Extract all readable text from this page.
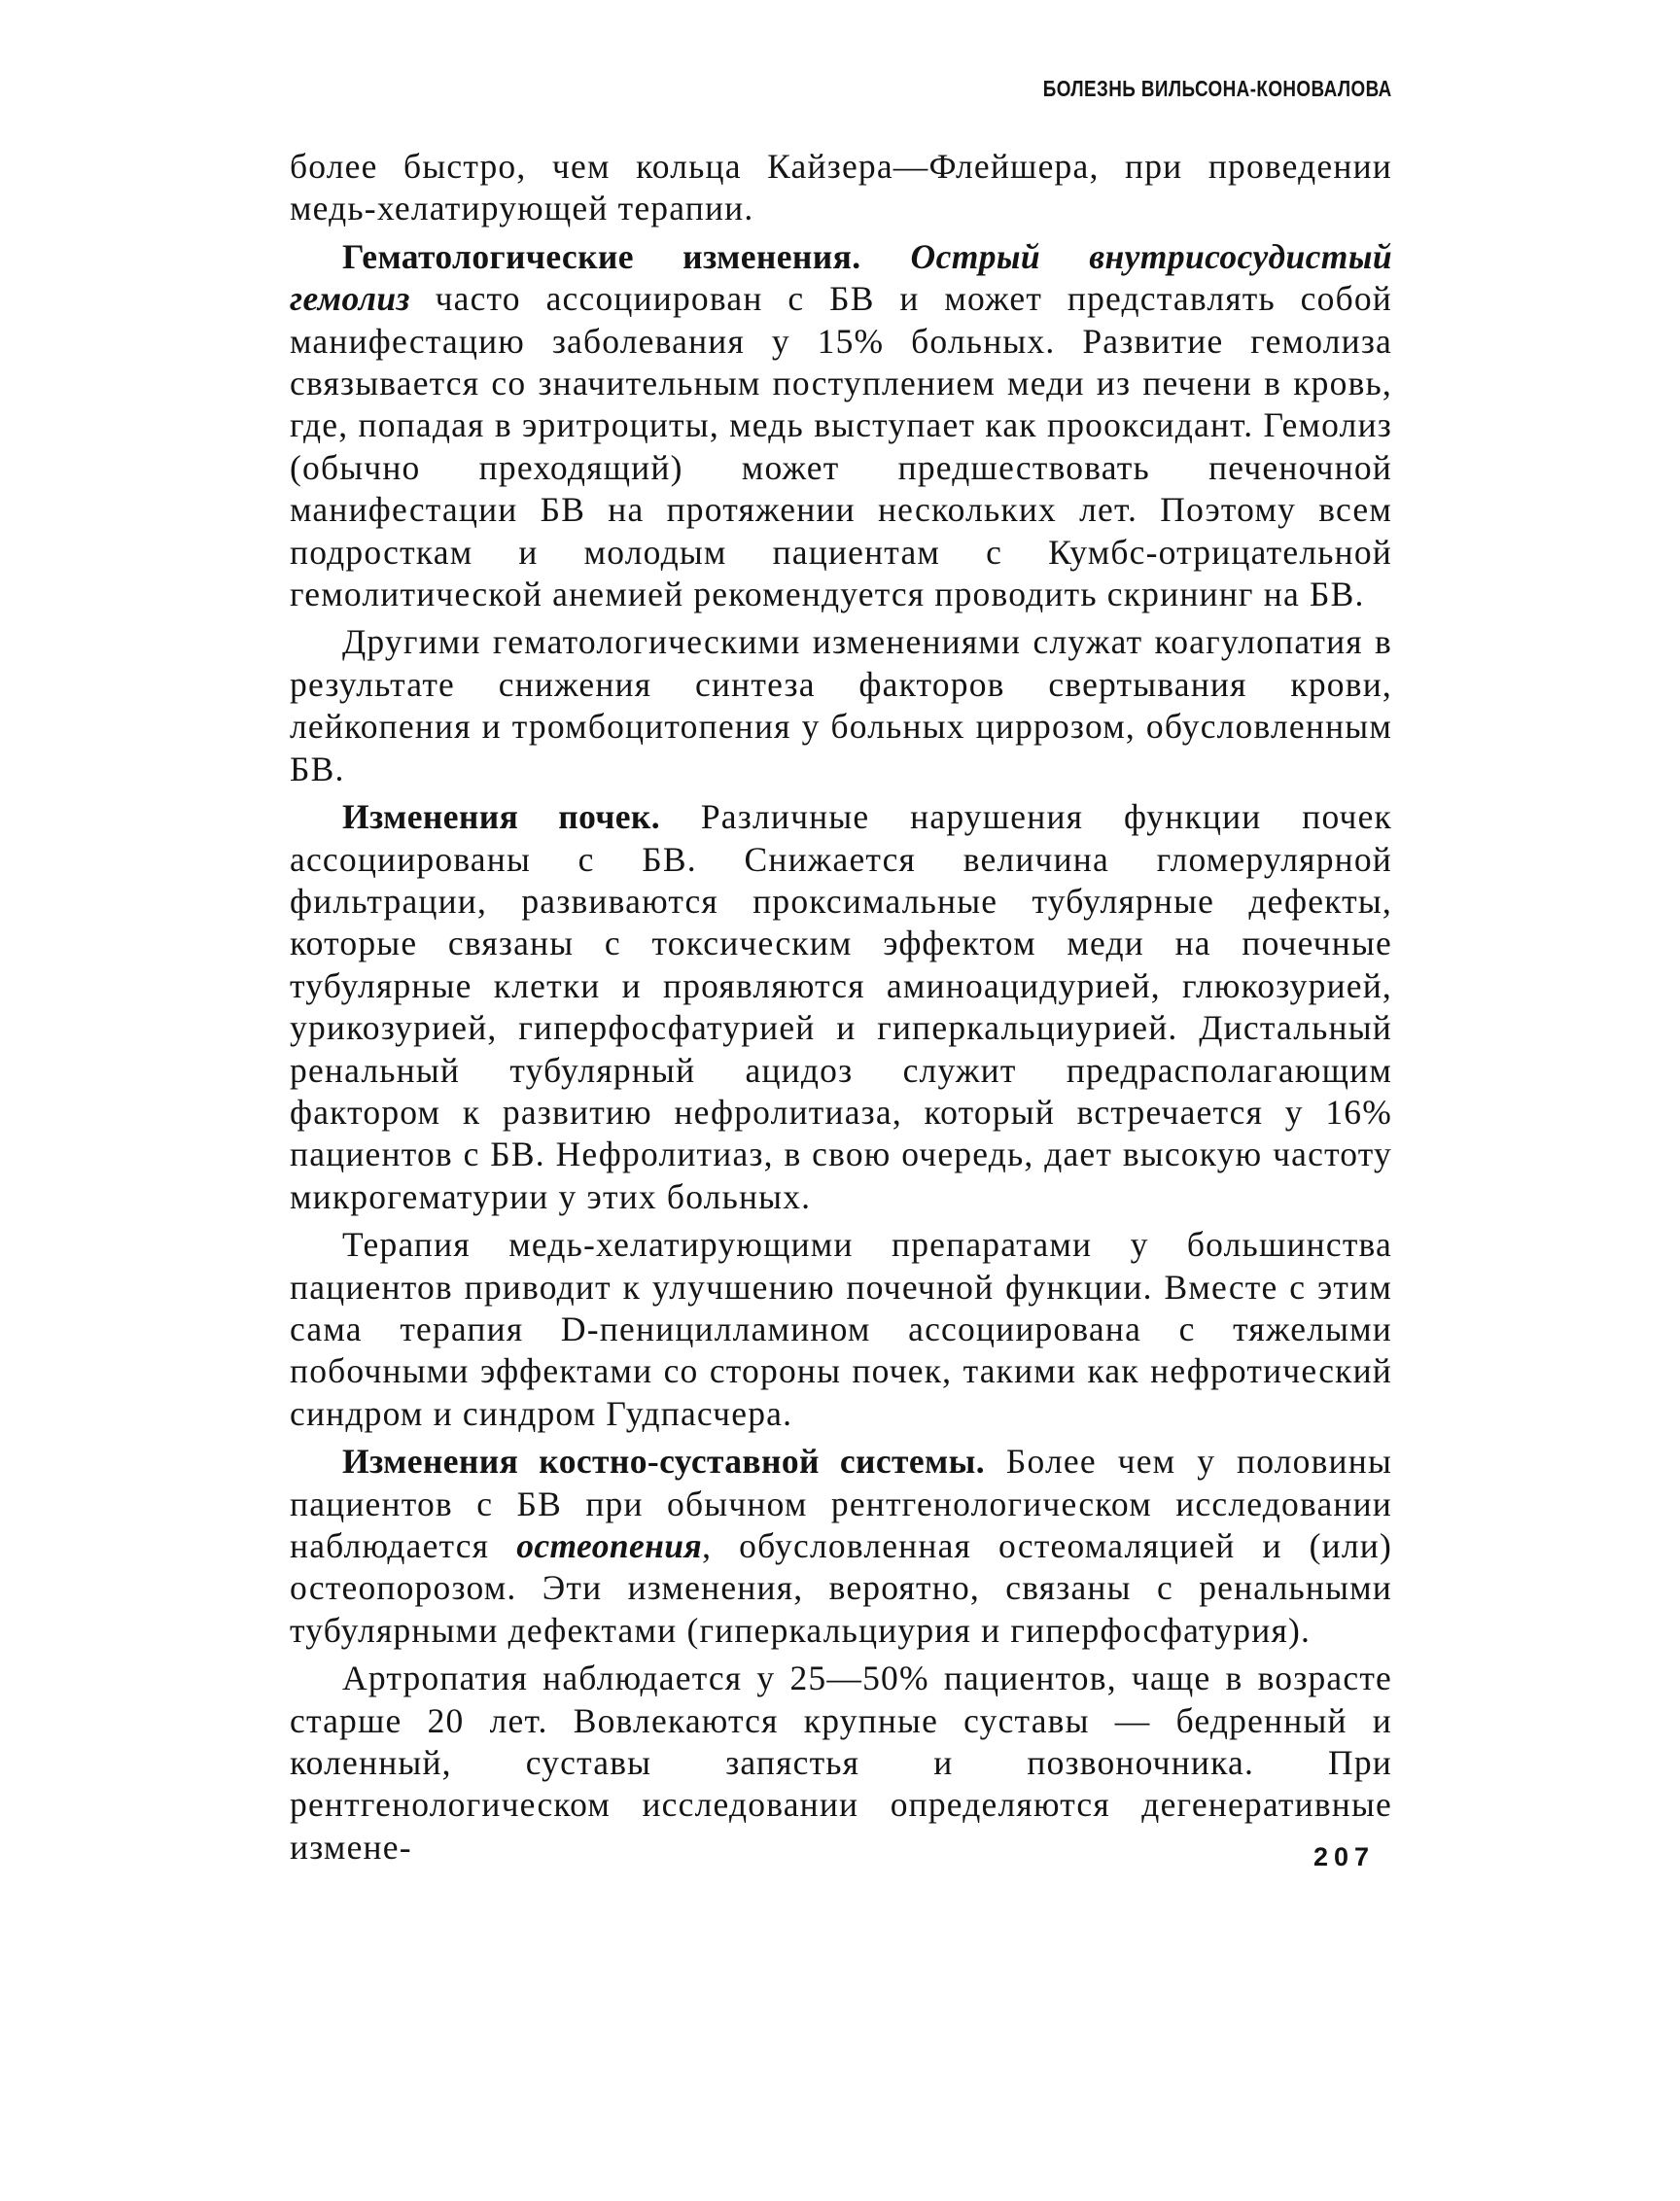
БОЛЕЗНЬ ВИЛЬСОНА-КОНОВАЛОВА

более быстро, чем кольца Кайзера—Флейшера, при проведении медь-хелатирующей терапии.

Гематологические изменения. Острый внутрисосудистый гемолиз часто ассоциирован с БВ и может представлять собой манифестацию заболевания у 15% больных. Развитие гемолиза связывается со значительным поступлением меди из печени в кровь, где, попадая в эритроциты, медь выступает как прооксидант. Гемолиз (обычно преходящий) может предшествовать печеночной манифестации БВ на протяжении нескольких лет. Поэтому всем подросткам и молодым пациентам с Кумбс-отрицательной гемолитической анемией рекомендуется проводить скрининг на БВ.

Другими гематологическими изменениями служат коагулопатия в результате снижения синтеза факторов свертывания крови, лейкопения и тромбоцитопения у больных циррозом, обусловленным БВ.

Изменения почек. Различные нарушения функции почек ассоциированы с БВ. Снижается величина гломерулярной фильтрации, развиваются проксимальные тубулярные дефекты, которые связаны с токсическим эффектом меди на почечные тубулярные клетки и проявляются аминоацидурией, глюкозурией, урикозурией, гиперфосфатурией и гиперкальциурией. Дистальный ренальный тубулярный ацидоз служит предрасполагающим фактором к развитию нефролитиаза, который встречается у 16% пациентов с БВ. Нефролитиаз, в свою очередь, дает высокую частоту микрогематурии у этих больных.

Терапия медь-хелатирующими препаратами у большинства пациентов приводит к улучшению почечной функции. Вместе с этим сама терапия D-пеницилламином ассоциирована с тяжелыми побочными эффектами со стороны почек, такими как нефротический синдром и синдром Гудпасчера.

Изменения костно-суставной системы. Более чем у половины пациентов с БВ при обычном рентгенологическом исследовании наблюдается остеопения, обусловленная остеомаляцией и (или) остеопорозом. Эти изменения, вероятно, связаны с ренальными тубулярными дефектами (гиперкальциурия и гиперфосфатурия).

Артропатия наблюдается у 25—50% пациентов, чаще в возрасте старше 20 лет. Вовлекаются крупные суставы — бедренный и коленный, суставы запястья и позвоночника. При рентгенологическом исследовании определяются дегенеративные измене-	207
